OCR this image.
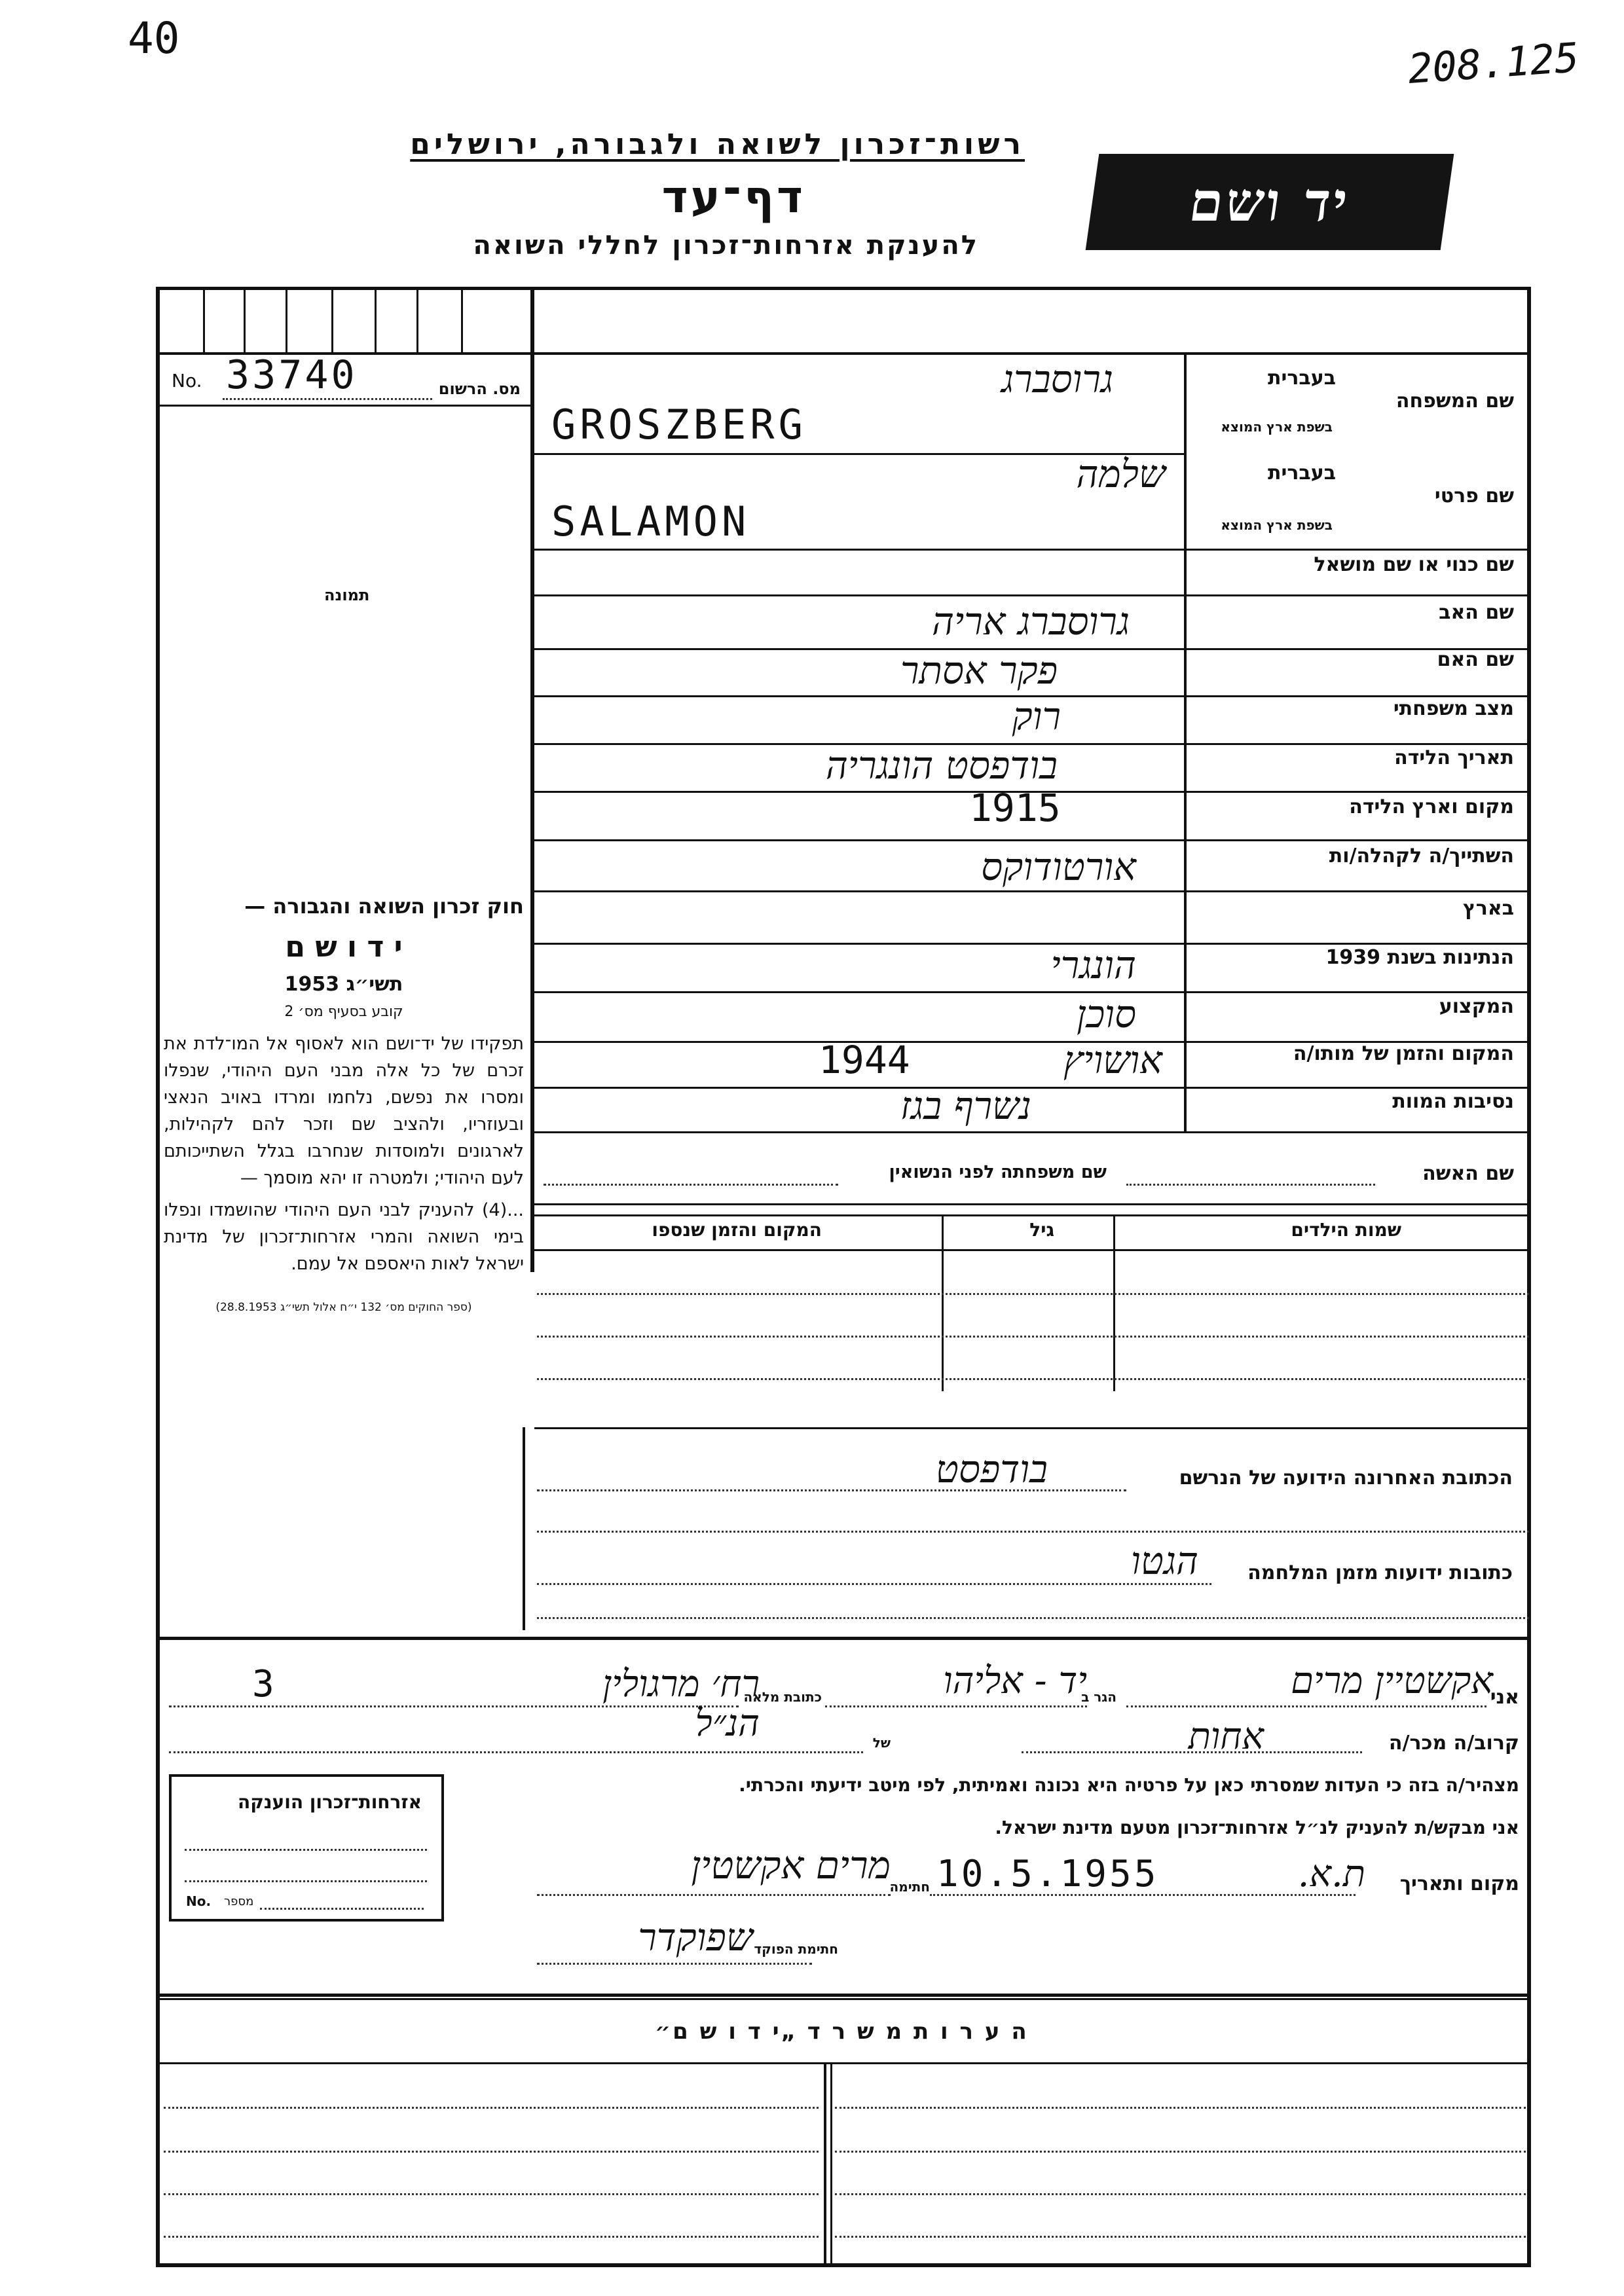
40	208.125
רשות־זכרון לשואה ולגבורה, ירושלים
דף־עד
להענקת אזרחות־זכרון לחללי השואה
יד ושם
No. 33740	מס. הרשום
תמונה
שם המשפחה
בעברית
בשפת ארץ המוצא
גרוסברג
GROSZBERG
שם פרטי
בעברית
בשפת ארץ המוצא
שלמה
SALAMON
שם כנוי או שם מושאל
שם האב
גרוסברג אריה
שם האם
פקר אסתר
מצב משפחתי
רוק
תאריך הלידה
בודפסט הונגריה
מקום וארץ הלידה
1915
השתייך/ה לקהלה/ות
אורטודוקס
בארץ
הנתינות בשנת 1939
הונגרי
המקצוע
סוכן
המקום והזמן של מותו/ה
אושויץ
1944
נסיבות המוות
נשרף בגז
שם האשה
שם משפחתה לפני הנשואין
שמות הילדים
גיל
המקום והזמן שנספו
חוק זכרון השואה והגבורה —
י ד ו ש ם
תשי״ג 1953
קובע בסעיף מס׳ 2
תפקידו של יד־ושם הוא לאסוף אל המו־לדת את זכרם של כל אלה מבני העם היהודי, שנפלו ומסרו את נפשם, נלחמו ומרדו באויב הנאצי ובעוזריו, ולהציב שם וזכר להם לקהילות, לארגונים ולמוסדות שנחרבו בגלל השתייכותם לעם היהודי; ולמטרה זו יהא מוסמך —
...(4) להעניק לבני העם היהודי שהושמדו ונפלו בימי השואה והמרי אזרחות־זכרון של מדינת ישראל לאות היאספם אל עמם.
(ספר החוקים מס׳ 132 י״ח אלול תשי״ג 28.8.1953)
הכתובת האחרונה הידועה של הנרשם
בודפסט
כתובות ידועות מזמן המלחמה
הגטו
אני
אקשטיין מרים
הגר ב
יד - אליהו
כתובת מלאה
רח׳ מרגולין
3
קרוב/ה מכר/ה
אחות
של
הנ״ל
מצהיר/ה בזה כי העדות שמסרתי כאן על פרטיה היא נכונה ואמיתית, לפי מיטב ידיעתי והכרתי.
אני מבקש/ת להעניק לנ״ל אזרחות־זכרון מטעם מדינת ישראל.
מקום ותאריך
ת.א.
10.5.1955
חתימה
מרים אקשטין
חתימת הפוקד
שפוקדר
אזרחות־זכרון הוענקה
No. מספר
ה ע ר ו ת מ ש ר ד „י ד ו ש ם״
